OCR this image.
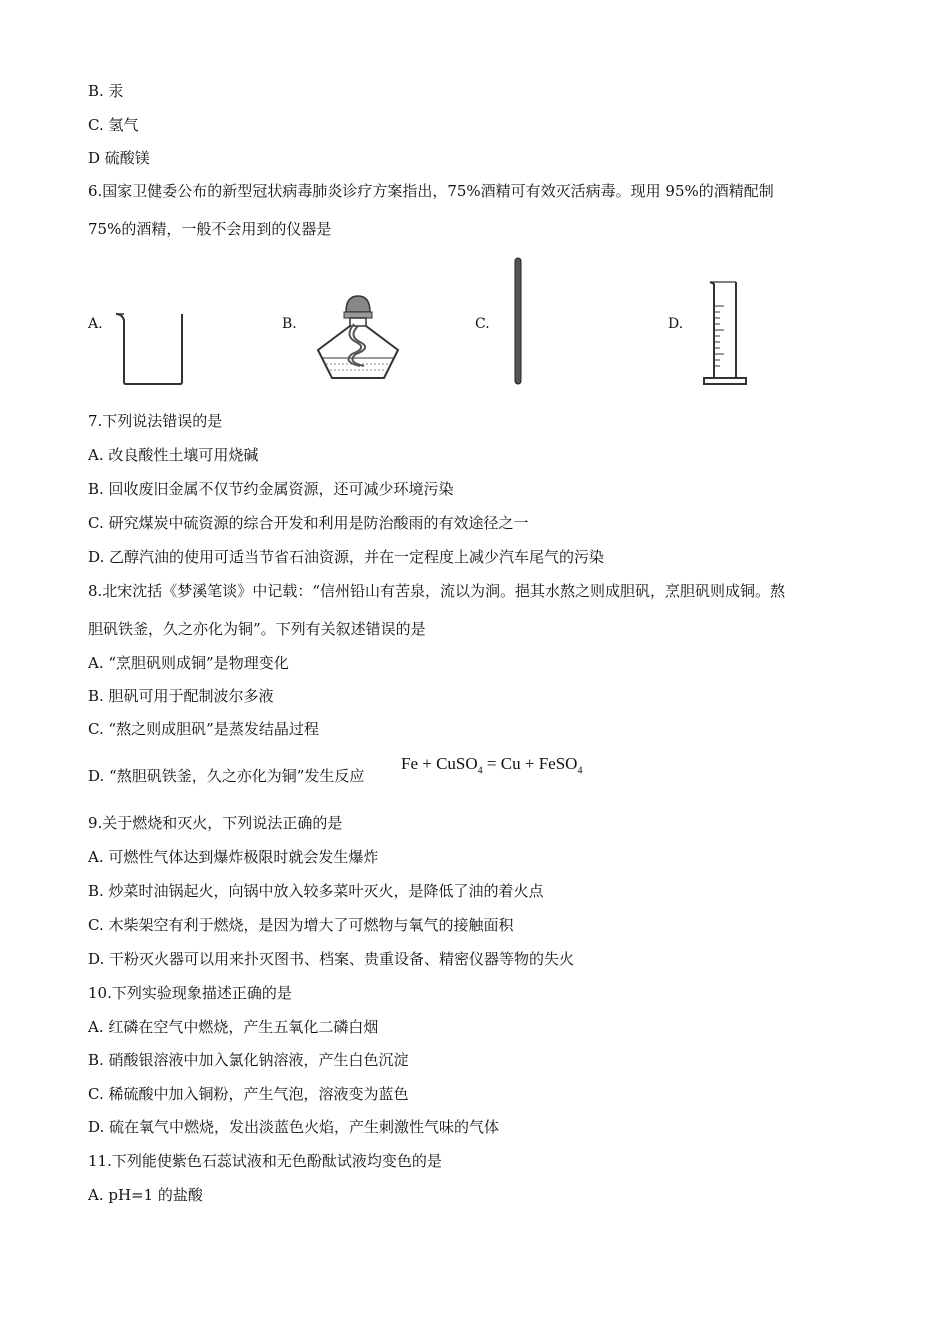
B. 汞
C. 氢气
D 硫酸镁
6.国家卫健委公布的新型冠状病毒肺炎诊疗方案指出，75%酒精可有效灭活病毒。现用 95%的酒精配制
75%的酒精，一般不会用到的仪器是
A.	B.	C.	D.
7.下列说法错误的是
A. 改良酸性土壤可用烧碱
B. 回收废旧金属不仅节约金属资源，还可减少环境污染
C. 研究煤炭中硫资源的综合开发和利用是防治酸雨的有效途径之一
D. 乙醇汽油的使用可适当节省石油资源，并在一定程度上减少汽车尾气的污染
8.北宋沈括《梦溪笔谈》中记载：“信州铅山有苦泉，流以为涧。挹其水熬之则成胆矾，烹胆矾则成铜。熬
胆矾铁釜，久之亦化为铜”。下列有关叙述错误的是
A. “烹胆矾则成铜”是物理变化
B. 胆矾可用于配制波尔多液
C. “熬之则成胆矾”是蒸发结晶过程
D. “熬胆矾铁釜，久之亦化为铜”发生反应
Fe + CuSO$_4$ = Cu + FeSO$_4$
9.关于燃烧和灭火，下列说法正确的是
A. 可燃性气体达到爆炸极限时就会发生爆炸
B. 炒菜时油锅起火，向锅中放入较多菜叶灭火，是降低了油的着火点
C. 木柴架空有利于燃烧，是因为增大了可燃物与氧气的接触面积
D. 干粉灭火器可以用来扑灭图书、档案、贵重设备、精密仪器等物的失火
10.下列实验现象描述正确的是
A. 红磷在空气中燃烧，产生五氧化二磷白烟
B. 硝酸银溶液中加入氯化钠溶液，产生白色沉淀
C. 稀硫酸中加入铜粉，产生气泡，溶液变为蓝色
D. 硫在氧气中燃烧，发出淡蓝色火焰，产生刺激性气味的气体
11.下列能使紫色石蕊试液和无色酚酞试液均变色的是
A. pH=1 的盐酸
